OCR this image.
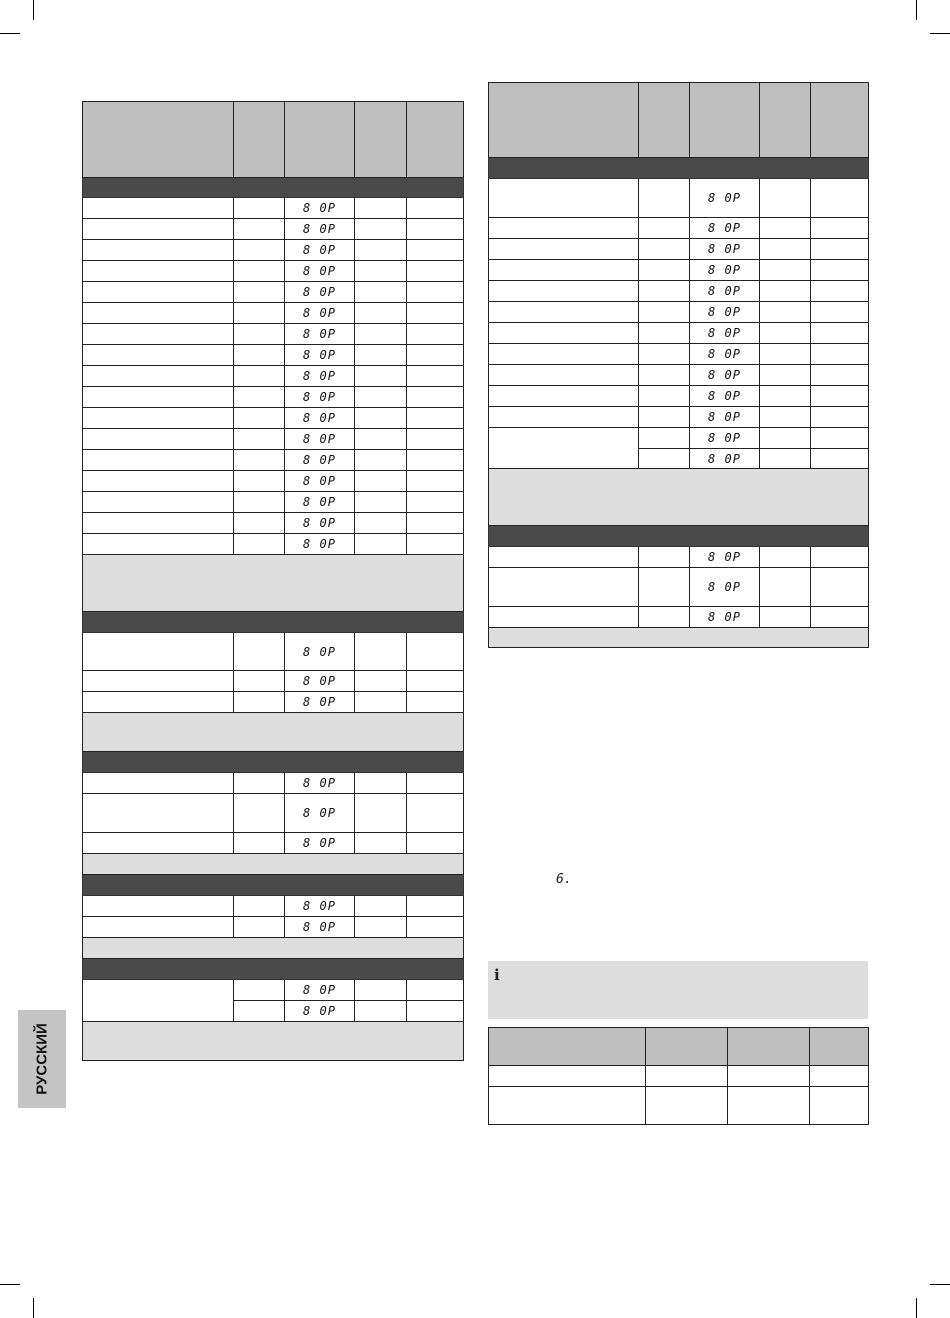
		8 0P		
		8 0P		
		8 0P		
		8 0P		
		8 0P		
		8 0P		
		8 0P		
		8 0P		
		8 0P		
		8 0P		
		8 0P		
		8 0P		
		8 0P		
		8 0P		
		8 0P		
		8 0P		
		8 0P		

		8 0P		
		8 0P		
		8 0P		

		8 0P		
		8 0P		
		8 0P		

		8 0P		
		8 0P		

		8 0P		
		8 0P		

		8 0P		
		8 0P		
		8 0P		
		8 0P		
		8 0P		
		8 0P		
		8 0P		
		8 0P		
		8 0P		
		8 0P		
		8 0P		
		8 0P		
		8 0P		

		8 0P		
		8 0P		
		8 0P		

6.
i

РУССКИЙ
